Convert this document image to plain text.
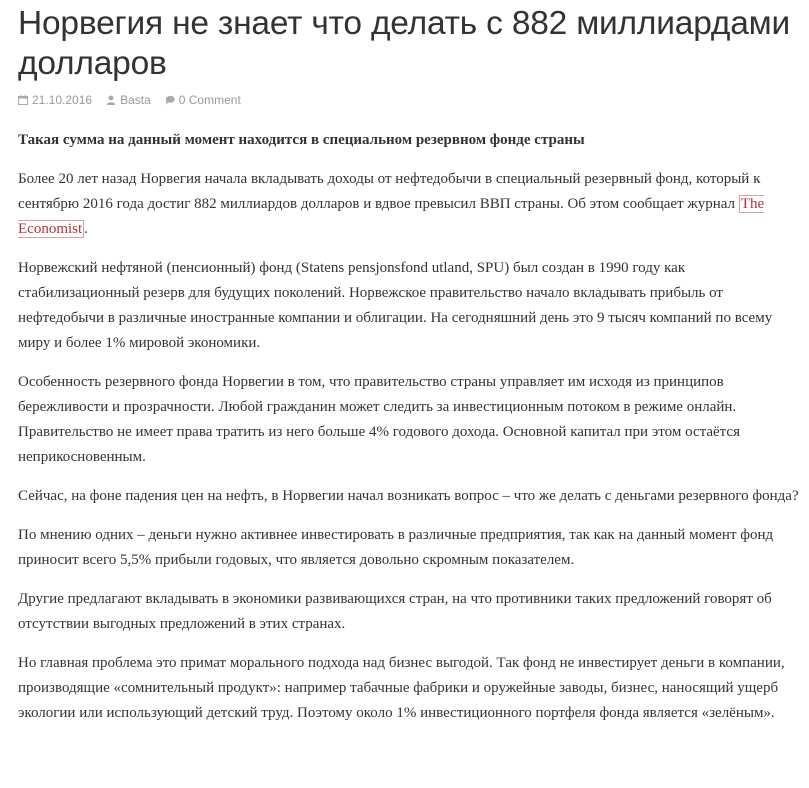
Норвегия не знает что делать с 882 миллиардами долларов
21.10.2016 Basta 0 Comment

Такая сумма на данный момент находится в специальном резервном фонде страны

Более 20 лет назад Норвегия начала вкладывать доходы от нефтедобычи в специальный резервный фонд, который к сентябрю 2016 года достиг 882 миллиардов долларов и вдвое превысил ВВП страны. Об этом сообщает журнал The Economist .

Норвежский нефтяной (пенсионный) фонд (Statens pensjonsfond utland, SPU) был создан в 1990 году как стабилизационный резерв для будущих поколений. Норвежское правительство начало вкладывать прибыль от нефтедобычи в различные иностранные компании и облигации. На сегодняшний день это 9 тысяч компаний по всему миру и более 1% мировой экономики.

Особенность резервного фонда Норвегии в том, что правительство страны управляет им исходя из принципов бережливости и прозрачности. Любой гражданин может следить за инвестиционным потоком в режиме онлайн. Правительство не имеет права тратить из него больше 4% годового дохода. Основной капитал при этом остаётся неприкосновенным.

Сейчас, на фоне падения цен на нефть, в Норвегии начал возникать вопрос – что же делать с деньгами резервного фонда?

По мнению одних – деньги нужно активнее инвестировать в различные предприятия, так как на данный момент фонд приносит всего 5,5% прибыли годовых, что является довольно скромным показателем.

Другие предлагают вкладывать в экономики развивающихся стран, на что противники таких предложений говорят об отсутствии выгодных предложений в этих странах.

Но главная проблема это примат морального подхода над бизнес выгодой. Так фонд не инвестирует деньги в компании, производящие «сомнительный продукт»: например табачные фабрики и оружейные заводы, бизнес, наносящий ущерб экологии или использующий детский труд. Поэтому около 1% инвестиционного портфеля фонда является «зелёным».
